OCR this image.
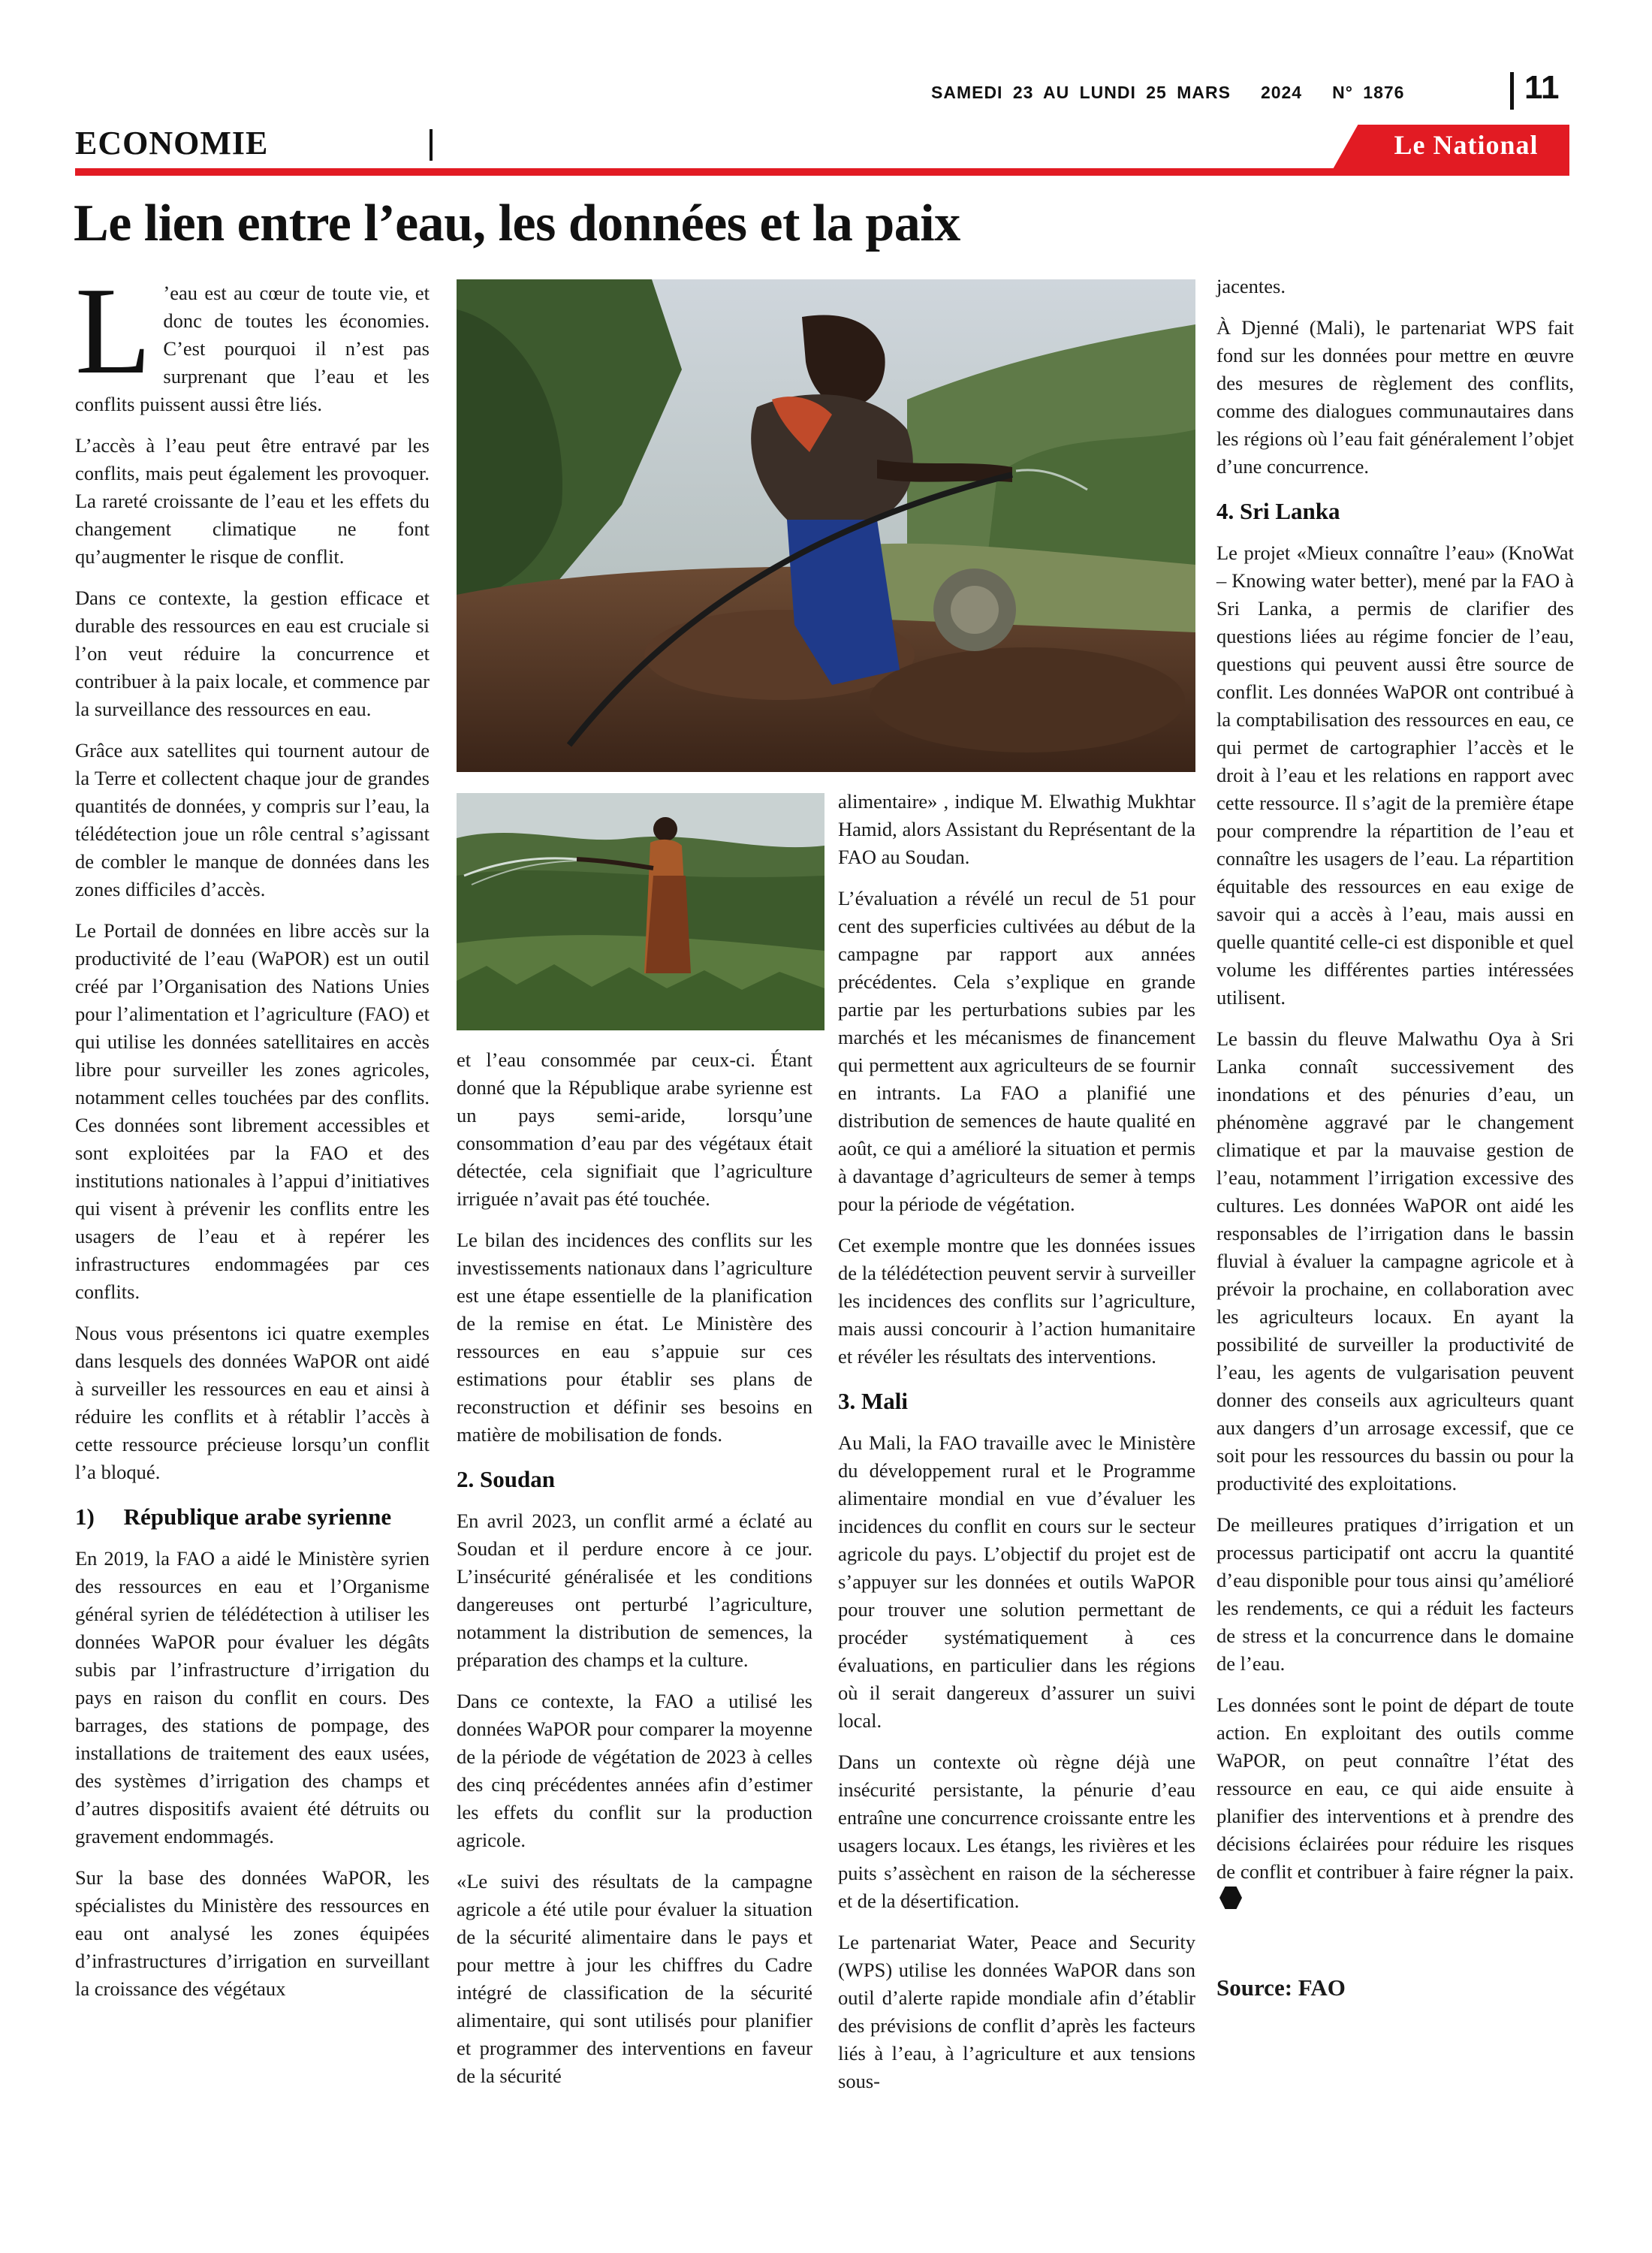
SAMEDI 23 AU LUNDI 25 MARS 2024 N° 1876	11
ECONOMIE	Le National
Le lien entre l’eau, les données et la paix

L ’eau est au cœur de toute vie, et donc de toutes les économies. C’est pourquoi il n’est pas surprenant que l’eau et les conflits puissent aussi être liés.

L’accès à l’eau peut être entravé par les conflits, mais peut également les provoquer. La rareté croissante de l’eau et les effets du changement climatique ne font qu’augmenter le risque de conflit.

Dans ce contexte, la gestion efficace et durable des ressources en eau est cruciale si l’on veut réduire la concurrence et contribuer à la paix locale, et commence par la surveillance des ressources en eau.

Grâce aux satellites qui tournent autour de la Terre et collectent chaque jour de grandes quantités de données, y compris sur l’eau, la télédétection joue un rôle central s’agissant de combler le manque de données dans les zones difficiles d’accès.

Le Portail de données en libre accès sur la productivité de l’eau (WaPOR) est un outil créé par l’Organisation des Nations Unies pour l’alimentation et l’agriculture (FAO) et qui utilise les données satellitaires en accès libre pour surveiller les zones agricoles, notamment celles touchées par des conflits. Ces données sont librement accessibles et sont exploitées par la FAO et des institutions nationales à l’appui d’initiatives qui visent à prévenir les conflits entre les usagers de l’eau et à repérer les infrastructures endommagées par ces conflits.

Nous vous présentons ici quatre exemples dans lesquels des données WaPOR ont aidé à surveiller les ressources en eau et ainsi à réduire les conflits et à rétablir l’accès à cette ressource précieuse lorsqu’un conflit l’a bloqué.

1)     République arabe syrienne

En 2019, la FAO a aidé le Ministère syrien des ressources en eau et l’Organisme général syrien de télédétection à utiliser les données WaPOR pour évaluer les dégâts subis par l’infrastructure d’irrigation du pays en raison du conflit en cours. Des barrages, des stations de pompage, des installations de traitement des eaux usées, des systèmes d’irrigation des champs et d’autres dispositifs avaient été détruits ou gravement endommagés.

Sur la base des données WaPOR, les spécialistes du Ministère des ressources en eau ont analysé les zones équipées d’infrastructures d’irrigation en surveillant la croissance des végétaux

et l’eau consommée par ceux-ci. Étant donné que la République arabe syrienne est un pays semi-aride, lorsqu’une consommation d’eau par des végétaux était détectée, cela signifiait que l’agriculture irriguée n’avait pas été touchée.

Le bilan des incidences des conflits sur les investissements nationaux dans l’agriculture est une étape essentielle de la planification de la remise en état. Le Ministère des ressources en eau s’appuie sur ces estimations pour établir ses plans de reconstruction et définir ses besoins en matière de mobilisation de fonds.

2. Soudan

En avril 2023, un conflit armé a éclaté au Soudan et il perdure encore à ce jour. L’insécurité généralisée et les conditions dangereuses ont perturbé l’agriculture, notamment la distribution de semences, la préparation des champs et la culture.

Dans ce contexte, la FAO a utilisé les données WaPOR pour comparer la moyenne de la période de végétation de 2023 à celles des cinq précédentes années afin d’estimer les effets du conflit sur la production agricole.

«Le suivi des résultats de la campagne agricole a été utile pour évaluer la situation de la sécurité alimentaire dans le pays et pour mettre à jour les chiffres du Cadre intégré de classification de la sécurité alimentaire, qui sont utilisés pour planifier et programmer des interventions en faveur de la sécurité

alimentaire» , indique M. Elwathig Mukhtar Hamid, alors Assistant du Représentant de la FAO au Soudan.

L’évaluation a révélé un recul de 51 pour cent des superficies cultivées au début de la campagne par rapport aux années précédentes. Cela s’explique en grande partie par les perturbations subies par les marchés et les mécanismes de financement qui permettent aux agriculteurs de se fournir en intrants. La FAO a planifié une distribution de semences de haute qualité en août, ce qui a amélioré la situation et permis à davantage d’agriculteurs de semer à temps pour la période de végétation.

Cet exemple montre que les données issues de la télédétection peuvent servir à surveiller les incidences des conflits sur l’agriculture, mais aussi concourir à l’action humanitaire et révéler les résultats des interventions.

3. Mali

Au Mali, la FAO travaille avec le Ministère du développement rural et le Programme alimentaire mondial en vue d’évaluer les incidences du conflit en cours sur le secteur agricole du pays. L’objectif du projet est de s’appuyer sur les données et outils WaPOR pour trouver une solution permettant de procéder systématiquement à ces évaluations, en particulier dans les régions où il serait dangereux d’assurer un suivi local.

Dans un contexte où règne déjà une insécurité persistante, la pénurie d’eau entraîne une concurrence croissante entre les usagers locaux. Les étangs, les rivières et les puits s’assèchent en raison de la sécheresse et de la désertification.

Le partenariat Water, Peace and Security (WPS) utilise les données WaPOR dans son outil d’alerte rapide mondiale afin d’établir des prévisions de conflit d’après les facteurs liés à l’eau, à l’agriculture et aux tensions sous-

jacentes.

À Djenné (Mali), le partenariat WPS fait fond sur les données pour mettre en œuvre des mesures de règlement des conflits, comme des dialogues communautaires dans les régions où l’eau fait généralement l’objet d’une concurrence.

4. Sri Lanka

Le projet «Mieux connaître l’eau» (KnoWat – Knowing water better), mené par la FAO à Sri Lanka, a permis de clarifier des questions liées au régime foncier de l’eau, questions qui peuvent aussi être source de conflit. Les données WaPOR ont contribué à la comptabilisation des ressources en eau, ce qui permet de cartographier l’accès et le droit à l’eau et les relations en rapport avec cette ressource. Il s’agit de la première étape pour comprendre la répartition de l’eau et connaître les usagers de l’eau. La répartition équitable des ressources en eau exige de savoir qui a accès à l’eau, mais aussi en quelle quantité celle-ci est disponible et quel volume les différentes parties intéressées utilisent.

Le bassin du fleuve Malwathu Oya à Sri Lanka connaît successivement des inondations et des pénuries d’eau, un phénomène aggravé par le changement climatique et par la mauvaise gestion de l’eau, notamment l’irrigation excessive des cultures. Les données WaPOR ont aidé les responsables de l’irrigation dans le bassin fluvial à évaluer la campagne agricole et à prévoir la prochaine, en collaboration avec les agriculteurs locaux. En ayant la possibilité de surveiller la productivité de l’eau, les agents de vulgarisation peuvent donner des conseils aux agriculteurs quant aux dangers d’un arrosage excessif, que ce soit pour les ressources du bassin ou pour la productivité des exploitations.

De meilleures pratiques d’irrigation et un processus participatif ont accru la quantité d’eau disponible pour tous ainsi qu’amélioré les rendements, ce qui a réduit les facteurs de stress et la concurrence dans le domaine de l’eau.

Les données sont le point de départ de toute action. En exploitant des outils comme WaPOR, on peut connaître l’état des ressource en eau, ce qui aide ensuite à planifier des interventions et à prendre des décisions éclairées pour réduire les risques de conflit et contribuer à faire régner la paix.

Source: FAO
